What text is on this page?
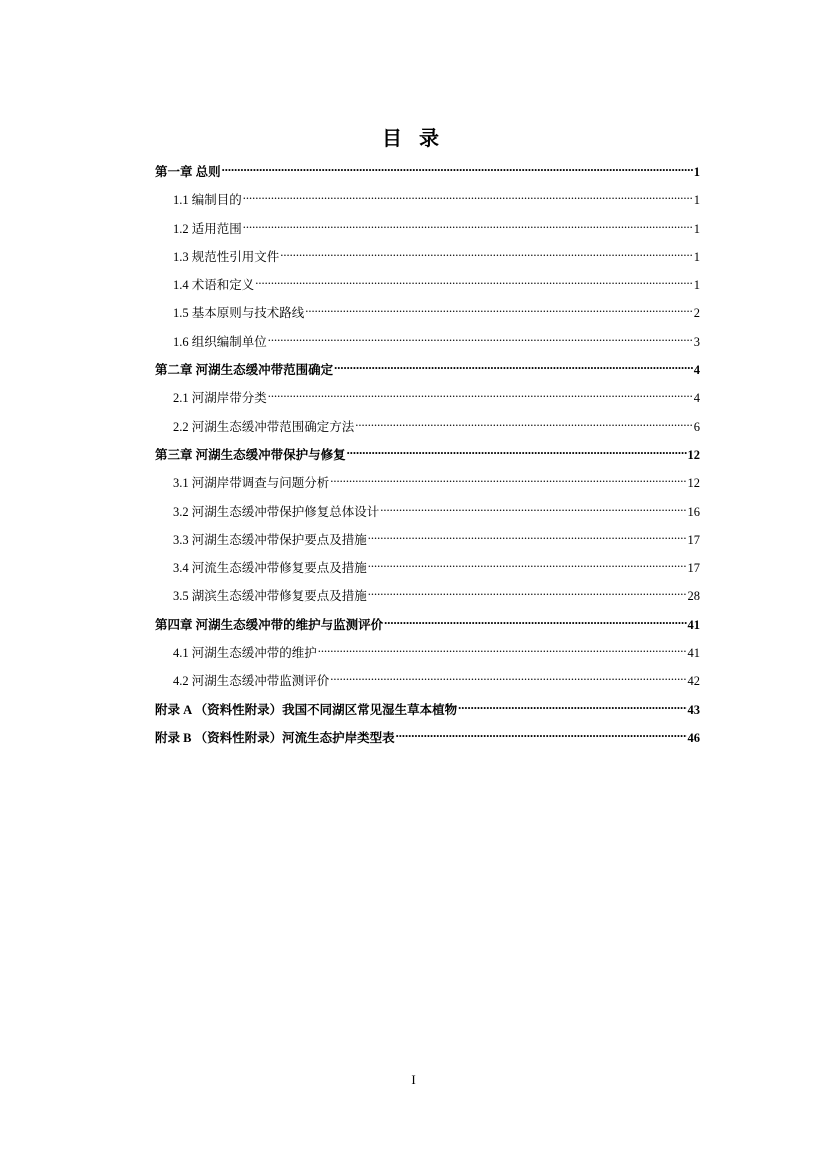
目 录
第一章 总则 .....	1
1.1 编制目的 .....	1
1.2 适用范围 .....	1
1.3 规范性引用文件 .....	1
1.4 术语和定义 .....	1
1.5 基本原则与技术路线 .....	2
1.6 组织编制单位 .....	3
第二章 河湖生态缓冲带范围确定 .....	4
2.1 河湖岸带分类 .....	4
2.2 河湖生态缓冲带范围确定方法 .....	6
第三章 河湖生态缓冲带保护与修复 .....	12
3.1 河湖岸带调查与问题分析 .....	12
3.2 河湖生态缓冲带保护修复总体设计 .....	16
3.3 河湖生态缓冲带保护要点及措施 .....	17
3.4 河流生态缓冲带修复要点及措施 .....	17
3.5 湖滨生态缓冲带修复要点及措施 .....	28
第四章 河湖生态缓冲带的维护与监测评价 .....	41
4.1 河湖生态缓冲带的维护 .....	41
4.2 河湖生态缓冲带监测评价 .....	42
附录 A （资料性附录）我国不同湖区常见湿生草本植物 .....	43
附录 B （资料性附录）河流生态护岸类型表 .....	46
I
